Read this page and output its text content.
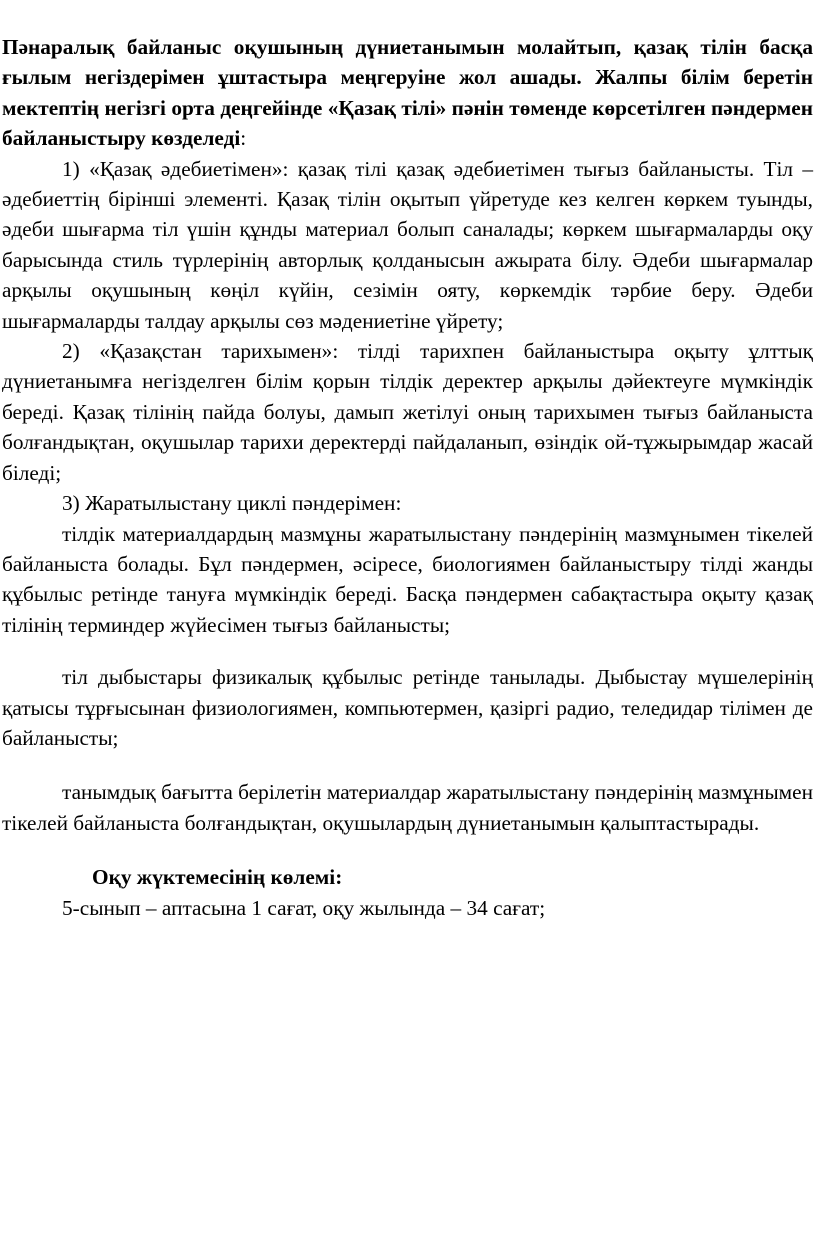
Пәнаралық байланыс оқушының дүниетанымын молайтып, қазақ тілін басқа ғылым негіздерімен ұштастыра меңгеруіне жол ашады. Жалпы білім беретін мектептің негізгі орта деңгейінде «Қазақ тілі» пәнін төменде көрсетілген пәндермен байланыстыру көзделеді:

1) «Қазақ әдебиетімен»: қазақ тілі қазақ әдебиетімен тығыз байланысты. Тіл – әдебиеттің бірінші элементі. Қазақ тілін оқытып үйретуде кез келген көркем туынды, әдеби шығарма тіл үшін құнды материал болып саналады; көркем шығармаларды оқу барысында стиль түрлерінің авторлық қолданысын ажырата білу. Әдеби шығармалар арқылы оқушының көңіл күйін, сезімін ояту, көркемдік тәрбие беру. Әдеби шығармаларды талдау арқылы сөз мәдениетіне үйрету;

2) «Қазақстан тарихымен»: тілді тарихпен байланыстыра оқыту ұлттық дүниетанымға негізделген білім қорын тілдік деректер арқылы дәйектеуге мүмкіндік береді. Қазақ тілінің пайда болуы, дамып жетілуі оның тарихымен тығыз байланыста болғандықтан, оқушылар тарихи деректерді пайдаланып, өзіндік ой-тұжырымдар жасай біледі;

3) Жаратылыстану циклі пәндерімен:

тілдік материалдардың мазмұны жаратылыстану пәндерінің мазмұнымен тікелей байланыста болады. Бұл пәндермен, әсіресе, биологиямен байланыстыру тілді жанды құбылыс ретінде тануға мүмкіндік береді. Басқа пәндермен сабақтастыра оқыту қазақ тілінің терминдер жүйесімен тығыз байланысты;

тіл дыбыстары физикалық құбылыс ретінде танылады. Дыбыстау мүшелерінің қатысы тұрғысынан физиологиямен, компьютермен, қазіргі радио, теледидар тілімен де байланысты;

танымдық бағытта берілетін материалдар жаратылыстану пәндерінің мазмұнымен тікелей байланыста болғандықтан, оқушылардың дүниетанымын қалыптастырады.

Оқу жүктемесінің көлемі:

5-сынып – аптасына 1 сағат, оқу жылында – 34 сағат;
